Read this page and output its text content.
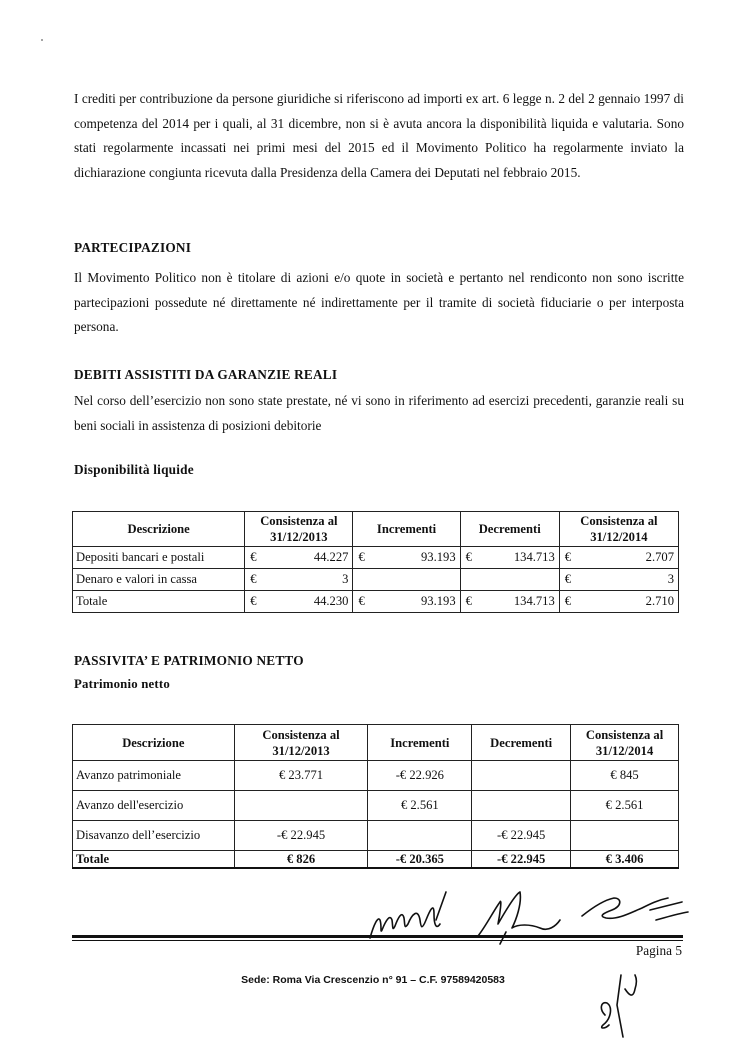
I crediti per contribuzione da persone giuridiche si riferiscono ad importi ex art. 6 legge n. 2 del 2 gennaio 1997 di competenza del 2014 per i quali, al 31 dicembre, non si è avuta ancora la disponibilità liquida e valutaria. Sono stati regolarmente incassati nei primi mesi del 2015 ed il Movimento Politico ha regolarmente inviato la dichiarazione congiunta ricevuta dalla Presidenza della Camera dei Deputati nel febbraio 2015.

PARTECIPAZIONI

Il Movimento Politico non è titolare di azioni e/o quote in società e pertanto nel rendiconto non sono iscritte partecipazioni possedute né direttamente né indirettamente per il tramite di società fiduciarie o per interposta persona.

DEBITI ASSISTITI DA GARANZIE REALI

Nel corso dell’esercizio non sono state prestate, né vi sono in riferimento ad esercizi precedenti, garanzie reali su beni sociali in assistenza di posizioni debitorie

Disponibilità liquide

Descrizione	Consistenza al 31/12/2013	Incrementi	Decrementi	Consistenza al 31/12/2014
Depositi bancari e postali	€ 44.227	€ 93.193	€ 134.713	€ 2.707

Denaro e valori in cassa	€ 3			€ 3

Totale	€ 44.230	€ 93.193	€ 134.713	€ 2.710

PASSIVITA’ E PATRIMONIO NETTO

Patrimonio netto

Descrizione	Consistenza al 31/12/2013	Incrementi	Decrementi	Consistenza al 31/12/2014
Avanzo patrimoniale	€ 23.771	-€ 22.926		€ 845
Avanzo dell'esercizio		€ 2.561		€ 2.561
Disavanzo dell’esercizio	-€ 22.945		-€ 22.945	
Totale	€ 826	-€ 20.365	-€ 22.945	€ 3.406
Pagina 5
Sede: Roma Via Crescenzio n° 91 – C.F. 97589420583
